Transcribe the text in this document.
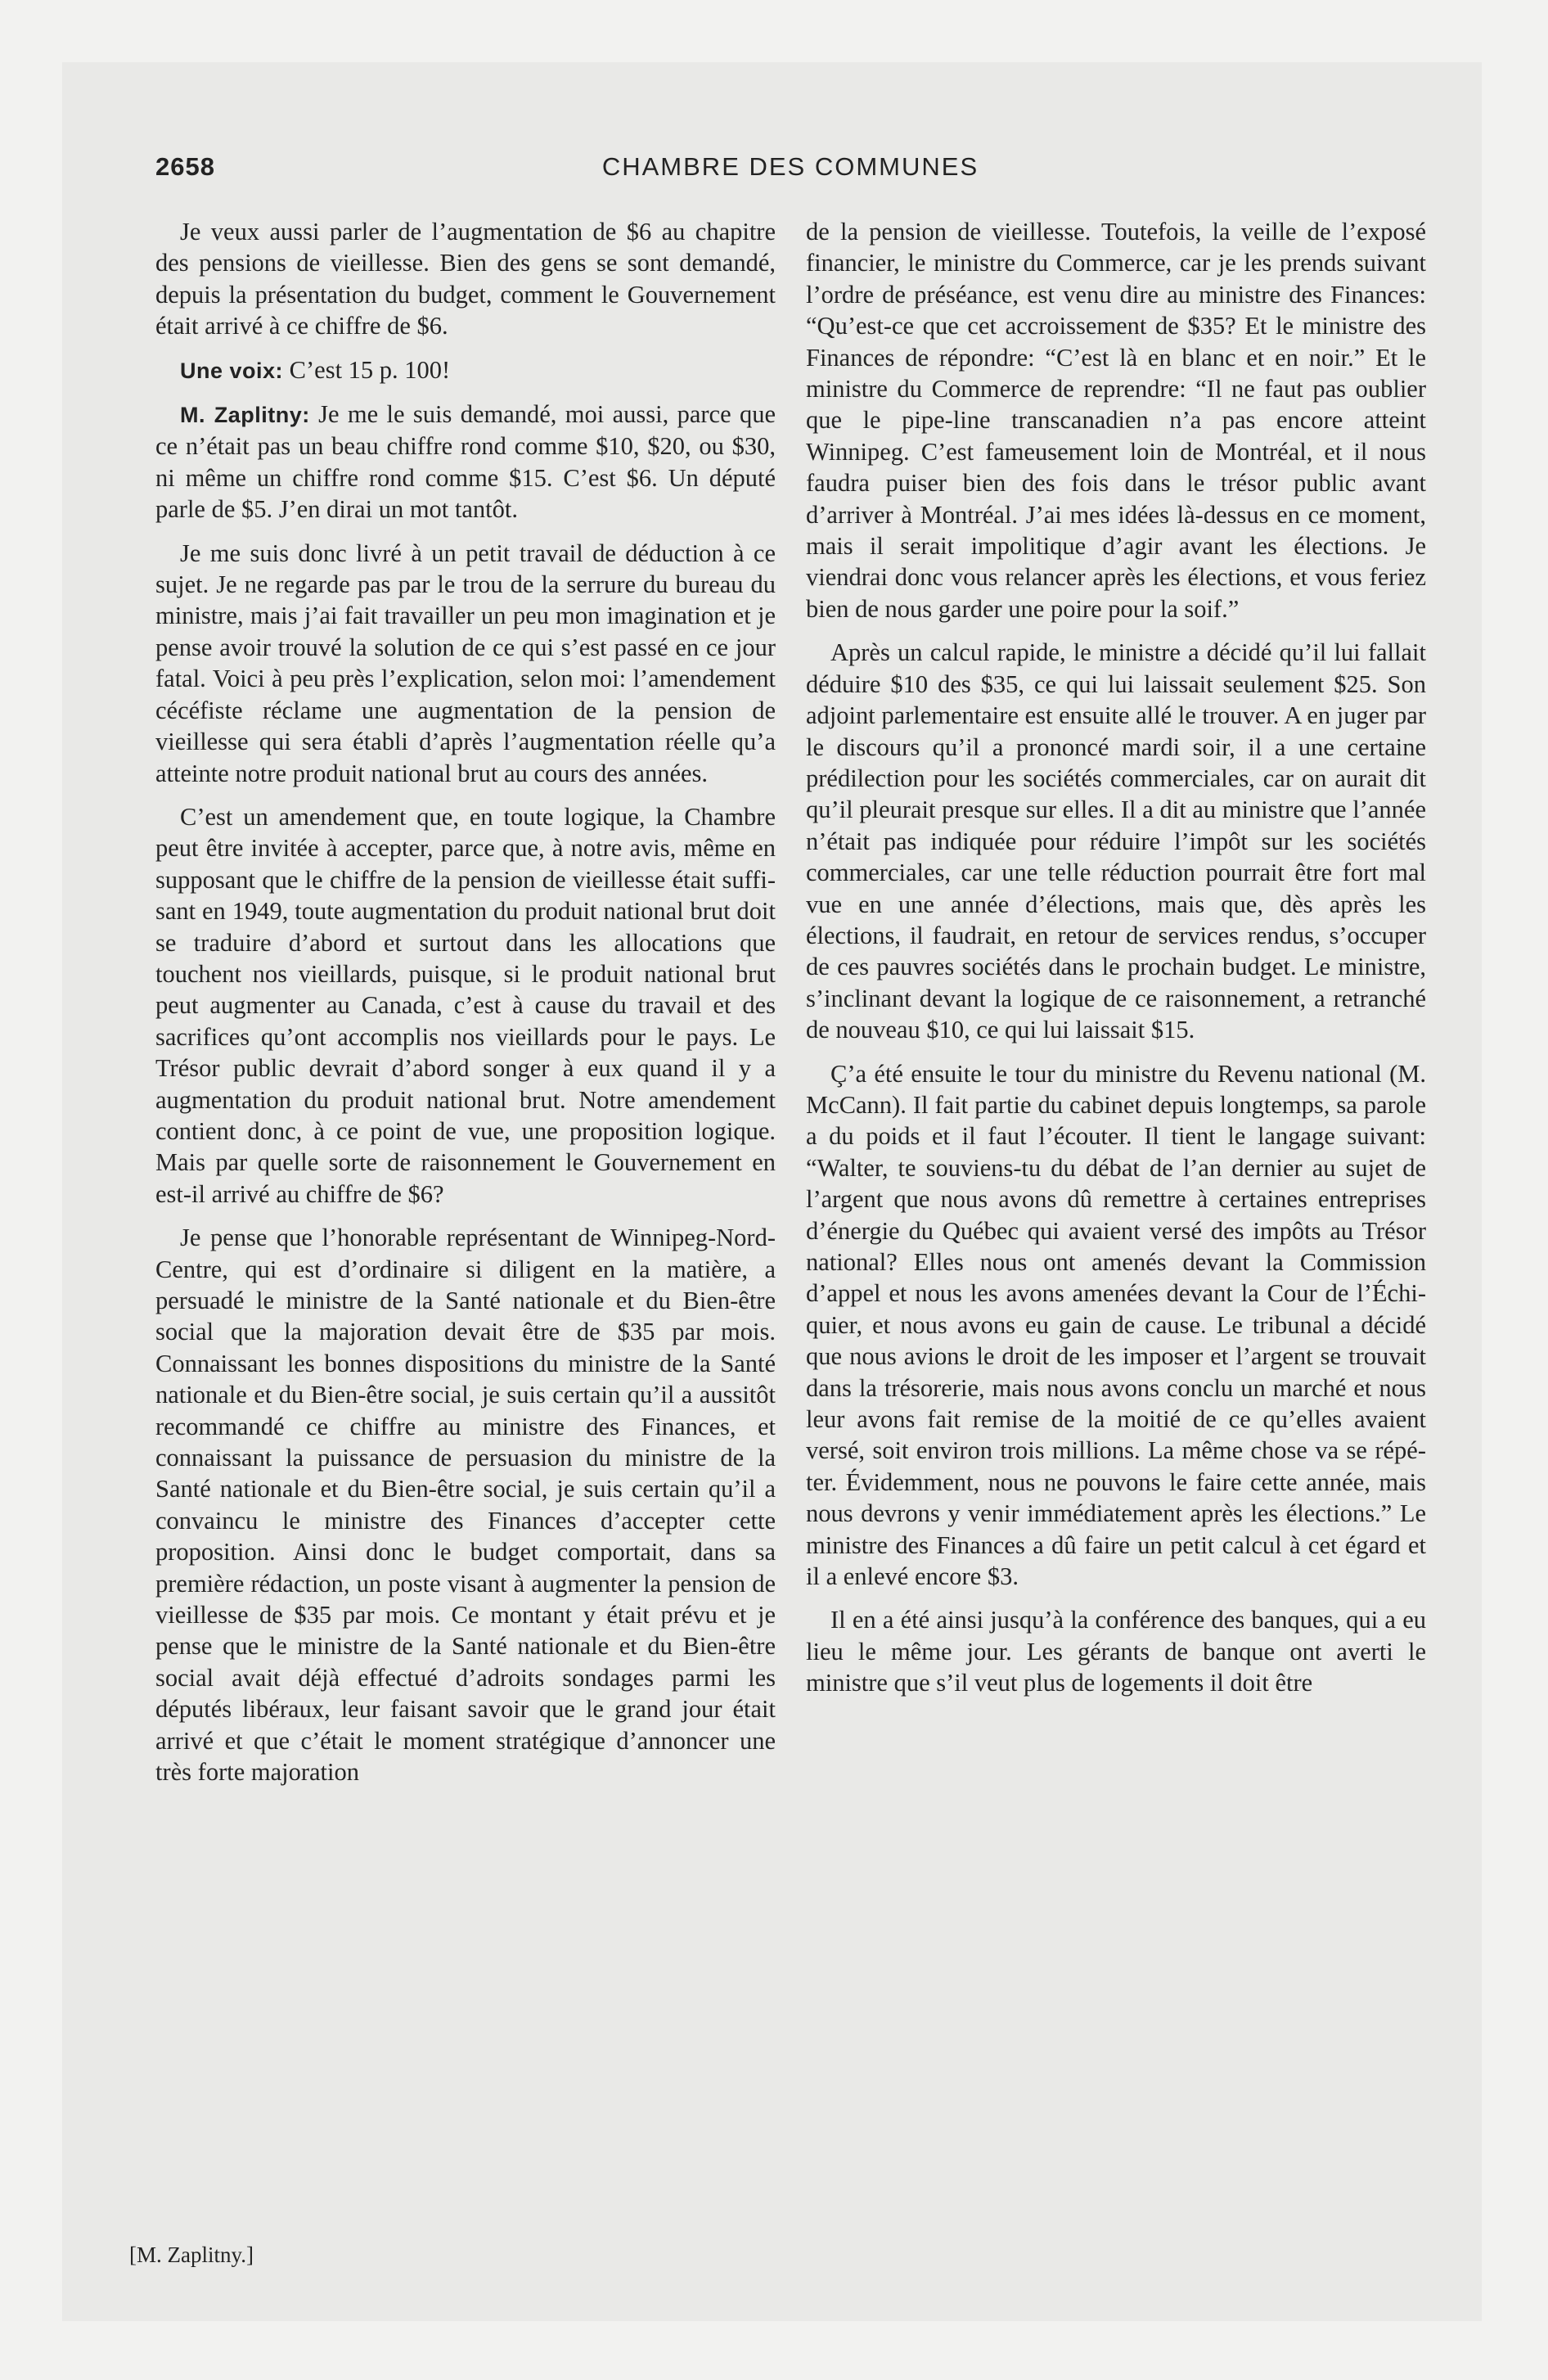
2658	CHAMBRE DES COMMUNES

Je veux aussi parler de l’augmentation de $6 au chapitre des pensions de vieillesse. Bien des gens se sont demandé, depuis la présentation du budget, comment le Gouvernement était arrivé à ce chiffre de $6.

Une voix: C’est 15 p. 100!

M. Zaplitny: Je me le suis demandé, moi aussi, parce que ce n’était pas un beau chiffre rond comme $10, $20, ou $30, ni même un chiffre rond comme $15. C’est $6. Un député parle de $5. J’en dirai un mot tantôt.

Je me suis donc livré à un petit travail de déduction à ce sujet. Je ne regarde pas par le trou de la serrure du bureau du ministre, mais j’ai fait travailler un peu mon imagination et je pense avoir trouvé la solution de ce qui s’est passé en ce jour fatal. Voici à peu près l’explication, selon moi: l’amendement cécéfiste réclame une augmentation de la pension de vieillesse qui sera établi d’après l’augmentation réelle qu’a atteinte notre produit national brut au cours des années.

C’est un amendement que, en toute logique, la Chambre peut être invitée à accepter, parce que, à notre avis, même en supposant que le chiffre de la pension de vieillesse était suffisant en 1949, toute augmentation du produit national brut doit se traduire d’abord et surtout dans les allocations que touchent nos vieillards, puisque, si le produit national brut peut augmenter au Canada, c’est à cause du travail et des sacrifices qu’ont accomplis nos vieillards pour le pays. Le Trésor public devrait d’abord songer à eux quand il y a augmentation du produit national brut. Notre amendement contient donc, à ce point de vue, une proposition logique. Mais par quelle sorte de raisonnement le Gouvernement en est-il arrivé au chiffre de $6?

Je pense que l’honorable représentant de Winnipeg-Nord-Centre, qui est d’ordinaire si diligent en la matière, a persuadé le ministre de la Santé nationale et du Bien-être social que la majoration devait être de $35 par mois. Connaissant les bonnes dispositions du ministre de la Santé nationale et du Bien-être social, je suis certain qu’il a aussitôt recommandé ce chiffre au ministre des Finances, et connaissant la puissance de persuasion du ministre de la Santé nationale et du Bien-être social, je suis certain qu’il a convaincu le ministre des Finances d’accepter cette proposition. Ainsi donc le budget comportait, dans sa première rédaction, un poste visant à augmenter la pension de vieillesse de $35 par mois. Ce montant y était prévu et je pense que le ministre de la Santé nationale et du Bien-être social avait déjà effectué d’adroits sondages parmi les députés libéraux, leur faisant savoir que le grand jour était arrivé et que c’était le moment stratégique d’annoncer une très forte majoration

de la pension de vieillesse. Toutefois, la veille de l’exposé financier, le ministre du Commerce, car je les prends suivant l’ordre de préséance, est venu dire au ministre des Finances: “Qu’est-ce que cet accroissement de $35? Et le ministre des Finances de répondre: “C’est là en blanc et en noir.” Et le ministre du Commerce de reprendre: “Il ne faut pas oublier que le pipe-line transcanadien n’a pas encore atteint Winnipeg. C’est fameusement loin de Montréal, et il nous faudra puiser bien des fois dans le trésor public avant d’arriver à Montréal. J’ai mes idées là-dessus en ce moment, mais il serait impolitique d’agir avant les élections. Je viendrai donc vous relancer après les élections, et vous feriez bien de nous garder une poire pour la soif.”

Après un calcul rapide, le ministre a décidé qu’il lui fallait déduire $10 des $35, ce qui lui laissait seulement $25. Son adjoint parlementaire est ensuite allé le trouver. A en juger par le discours qu’il a prononcé mardi soir, il a une certaine prédilection pour les sociétés commerciales, car on aurait dit qu’il pleurait presque sur elles. Il a dit au ministre que l’année n’était pas indiquée pour réduire l’impôt sur les sociétés commerciales, car une telle réduction pourrait être fort mal vue en une année d’élections, mais que, dès après les élections, il faudrait, en retour de services rendus, s’occuper de ces pauvres sociétés dans le prochain budget. Le ministre, s’inclinant devant la logique de ce raisonnement, a retranché de nouveau $10, ce qui lui laissait $15.

Ç’a été ensuite le tour du ministre du Revenu national (M. McCann). Il fait partie du cabinet depuis longtemps, sa parole a du poids et il faut l’écouter. Il tient le langage suivant: “Walter, te souviens-tu du débat de l’an dernier au sujet de l’argent que nous avons dû remettre à certaines entreprises d’énergie du Québec qui avaient versé des impôts au Trésor national? Elles nous ont amenés devant la Commission d’appel et nous les avons amenées devant la Cour de l’Échiquier, et nous avons eu gain de cause. Le tribunal a décidé que nous avions le droit de les imposer et l’argent se trouvait dans la trésorerie, mais nous avons conclu un marché et nous leur avons fait remise de la moitié de ce qu’elles avaient versé, soit environ trois millions. La même chose va se répéter. Évidemment, nous ne pouvons le faire cette année, mais nous devrons y venir immédiatement après les élections.” Le ministre des Finances a dû faire un petit calcul à cet égard et il a enlevé encore $3.

Il en a été ainsi jusqu’à la conférence des banques, qui a eu lieu le même jour. Les gérants de banque ont averti le ministre que s’il veut plus de logements il doit être

[M. Zaplitny.]
